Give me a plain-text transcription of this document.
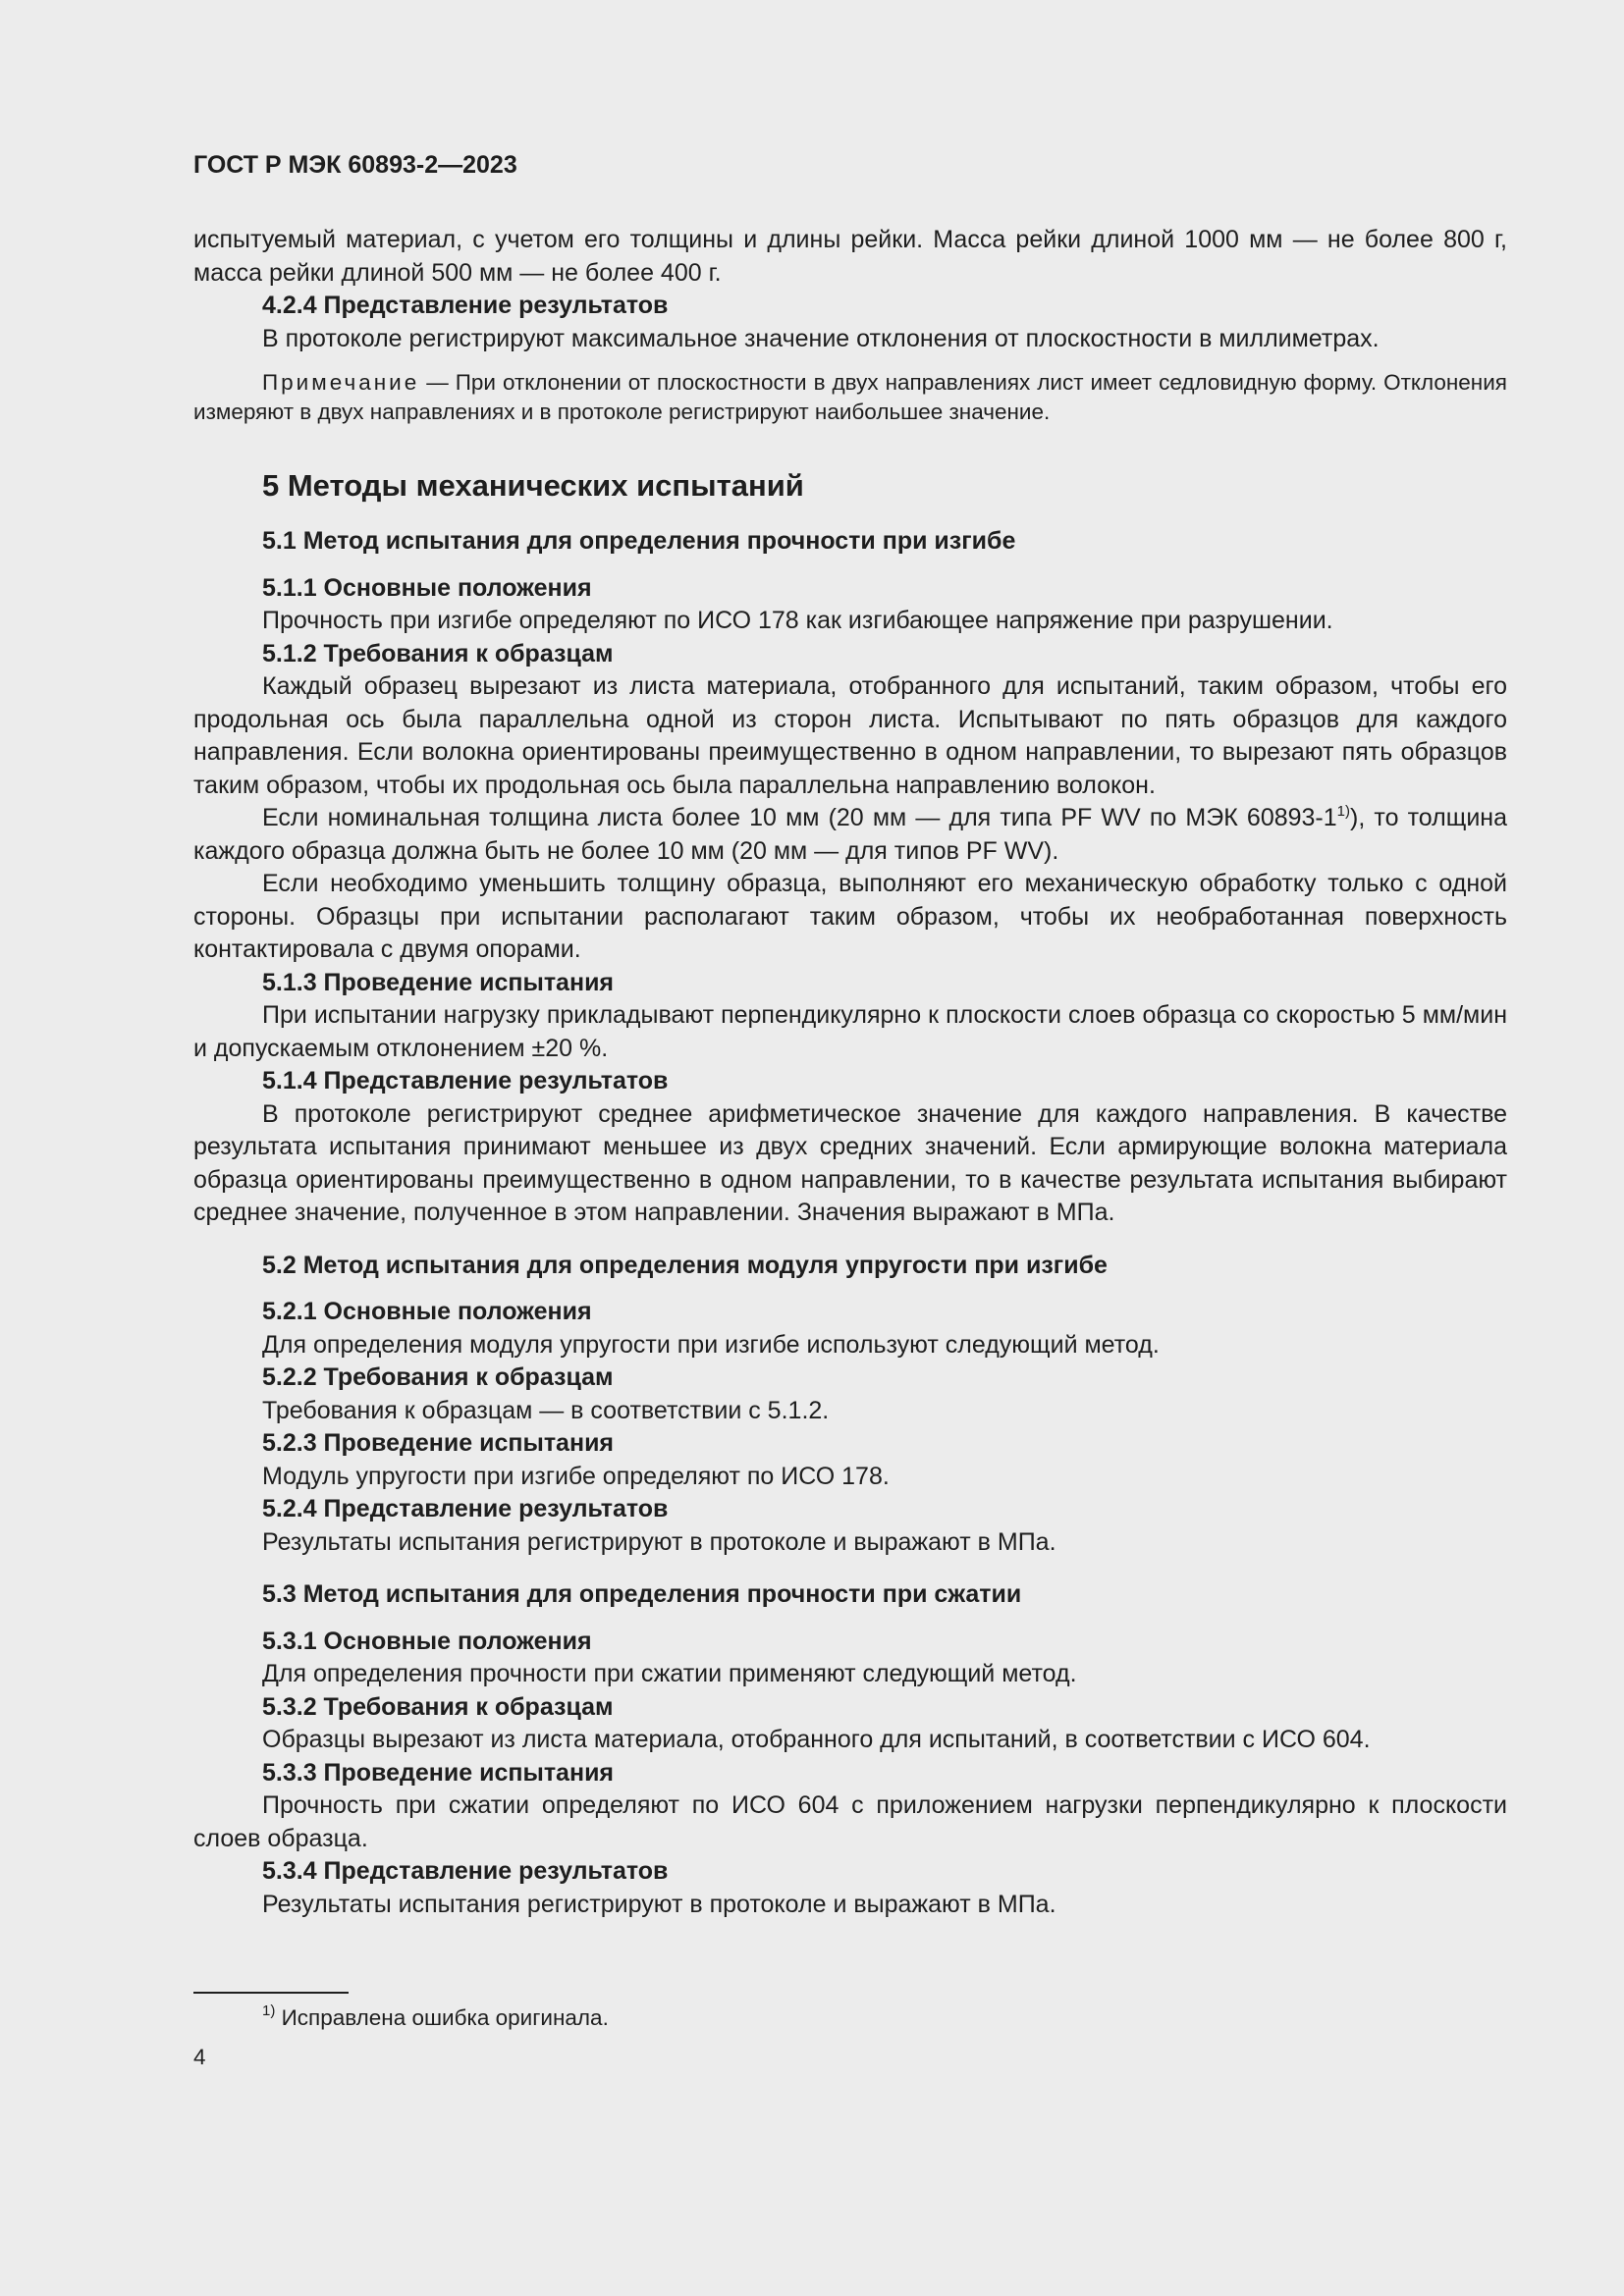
ГОСТ Р МЭК 60893-2—2023

испытуемый материал, с учетом его толщины и длины рейки. Масса рейки длиной 1000 мм — не более 800 г, масса рейки длиной 500 мм — не более 400 г.

4.2.4 Представление результатов

В протоколе регистрируют максимальное значение отклонения от плоскостности в миллиметрах.

Примечание — При отклонении от плоскостности в двух направлениях лист имеет седловидную форму. Отклонения измеряют в двух направлениях и в протоколе регистрируют наибольшее значение.

5 Методы механических испытаний
5.1 Метод испытания для определения прочности при изгибе
5.1.1 Основные положения

Прочность при изгибе определяют по ИСО 178 как изгибающее напряжение при разрушении.

5.1.2 Требования к образцам

Каждый образец вырезают из листа материала, отобранного для испытаний, таким образом, чтобы его продольная ось была параллельна одной из сторон листа. Испытывают по пять образцов для каждого направления. Если волокна ориентированы преимущественно в одном направлении, то вырезают пять образцов таким образом, чтобы их продольная ось была параллельна направлению волокон.

Если номинальная толщина листа более 10 мм (20 мм — для типа PF WV по МЭК 60893-1$^{1)}$), то толщина каждого образца должна быть не более 10 мм (20 мм — для типов PF WV).

Если необходимо уменьшить толщину образца, выполняют его механическую обработку только с одной стороны. Образцы при испытании располагают таким образом, чтобы их необработанная поверхность контактировала с двумя опорами.

5.1.3 Проведение испытания

При испытании нагрузку прикладывают перпендикулярно к плоскости слоев образца со скоростью 5 мм/мин и допускаемым отклонением ±20 %.

5.1.4 Представление результатов

В протоколе регистрируют среднее арифметическое значение для каждого направления. В качестве результата испытания принимают меньшее из двух средних значений. Если армирующие волокна материала образца ориентированы преимущественно в одном направлении, то в качестве результата испытания выбирают среднее значение, полученное в этом направлении. Значения выражают в МПа.

5.2 Метод испытания для определения модуля упругости при изгибе
5.2.1 Основные положения

Для определения модуля упругости при изгибе используют следующий метод.

5.2.2 Требования к образцам

Требования к образцам — в соответствии с 5.1.2.

5.2.3 Проведение испытания

Модуль упругости при изгибе определяют по ИСО 178.

5.2.4 Представление результатов

Результаты испытания регистрируют в протоколе и выражают в МПа.

5.3 Метод испытания для определения прочности при сжатии
5.3.1 Основные положения

Для определения прочности при сжатии применяют следующий метод.

5.3.2 Требования к образцам

Образцы вырезают из листа материала, отобранного для испытаний, в соответствии с ИСО 604.

5.3.3 Проведение испытания

Прочность при сжатии определяют по ИСО 604 с приложением нагрузки перпендикулярно к плоскости слоев образца.

5.3.4 Представление результатов

Результаты испытания регистрируют в протоколе и выражают в МПа.

$^{1)}$ Исправлена ошибка оригинала.

4
